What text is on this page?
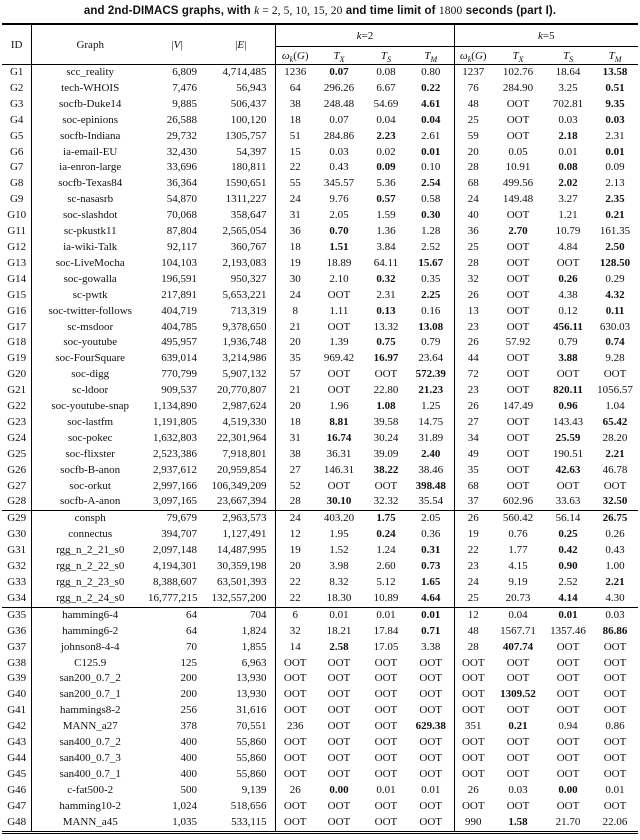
and 2nd-DIMACS graphs, with k = 2, 5, 10, 15, 20 and time limit of 1800 seconds (part I).
ID	Graph	|V|	|E|	k=2				k=5			
				$\omega_k(G)$	$T_X$	$T_S$	$T_M$	$\omega_k(G)$	$T_X$	$T_S$	$T_M$
G1	scc_reality	6,809	4,714,485	1236	0.07	0.08	0.80	1237	102.76	18.64	13.58
G2	tech-WHOIS	7,476	56,943	64	296.26	6.67	0.22	76	284.90	3.25	0.51
G3	socfb-Duke14	9,885	506,437	38	248.48	54.69	4.61	48	OOT	702.81	9.35
G4	soc-epinions	26,588	100,120	18	0.07	0.04	0.04	25	OOT	0.03	0.03
G5	socfb-Indiana	29,732	1305,757	51	284.86	2.23	2.61	59	OOT	2.18	2.31
G6	ia-email-EU	32,430	54,397	15	0.03	0.02	0.01	20	0.05	0.01	0.01
G7	ia-enron-large	33,696	180,811	22	0.43	0.09	0.10	28	10.91	0.08	0.09
G8	socfb-Texas84	36,364	1590,651	55	345.57	5.36	2.54	68	499.56	2.02	2.13
G9	sc-nasasrb	54,870	1311,227	24	9.76	0.57	0.58	24	149.48	3.27	2.35
G10	soc-slashdot	70,068	358,647	31	2.05	1.59	0.30	40	OOT	1.21	0.21
G11	sc-pkustk11	87,804	2,565,054	36	0.70	1.36	1.28	36	2.70	10.79	161.35
G12	ia-wiki-Talk	92,117	360,767	18	1.51	3.84	2.52	25	OOT	4.84	2.50
G13	soc-LiveMocha	104,103	2,193,083	19	18.89	64.11	15.67	28	OOT	OOT	128.50
G14	soc-gowalla	196,591	950,327	30	2.10	0.32	0.35	32	OOT	0.26	0.29
G15	sc-pwtk	217,891	5,653,221	24	OOT	2.31	2.25	26	OOT	4.38	4.32
G16	soc-twitter-follows	404,719	713,319	8	1.11	0.13	0.16	13	OOT	0.12	0.11
G17	sc-msdoor	404,785	9,378,650	21	OOT	13.32	13.08	23	OOT	456.11	630.03
G18	soc-youtube	495,957	1,936,748	20	1.39	0.75	0.79	26	57.92	0.79	0.74
G19	soc-FourSquare	639,014	3,214,986	35	969.42	16.97	23.64	44	OOT	3.88	9.28
G20	soc-digg	770,799	5,907,132	57	OOT	OOT	572.39	72	OOT	OOT	OOT
G21	sc-ldoor	909,537	20,770,807	21	OOT	22.80	21.23	23	OOT	820.11	1056.57
G22	soc-youtube-snap	1,134,890	2,987,624	20	1.96	1.08	1.25	26	147.49	0.96	1.04
G23	soc-lastfm	1,191,805	4,519,330	18	8.81	39.58	14.75	27	OOT	143.43	65.42
G24	soc-pokec	1,632,803	22,301,964	31	16.74	30.24	31.89	34	OOT	25.59	28.20
G25	soc-flixster	2,523,386	7,918,801	38	36.31	39.09	2.40	49	OOT	190.51	2.21
G26	socfb-B-anon	2,937,612	20,959,854	27	146.31	38.22	38.46	35	OOT	42.63	46.78
G27	soc-orkut	2,997,166	106,349,209	52	OOT	OOT	398.48	68	OOT	OOT	OOT
G28	socfb-A-anon	3,097,165	23,667,394	28	30.10	32.32	35.54	37	602.96	33.63	32.50
G29	consph	79,679	2,963,573	24	403.20	1.75	2.05	26	560.42	56.14	26.75
G30	connectus	394,707	1,127,491	12	1.95	0.24	0.36	19	0.76	0.25	0.26
G31	rgg_n_2_21_s0	2,097,148	14,487,995	19	1.52	1.24	0.31	22	1.77	0.42	0.43
G32	rgg_n_2_22_s0	4,194,301	30,359,198	20	3.98	2.60	0.73	23	4.15	0.90	1.00
G33	rgg_n_2_23_s0	8,388,607	63,501,393	22	8.32	5.12	1.65	24	9.19	2.52	2.21
G34	rgg_n_2_24_s0	16,777,215	132,557,200	22	18.30	10.89	4.64	25	20.73	4.14	4.30
G35	hamming6-4	64	704	6	0.01	0.01	0.01	12	0.04	0.01	0.03
G36	hamming6-2	64	1,824	32	18.21	17.84	0.71	48	1567.71	1357.46	86.86
G37	johnson8-4-4	70	1,855	14	2.58	17.05	3.38	28	407.74	OOT	OOT
G38	C125.9	125	6,963	OOT	OOT	OOT	OOT	OOT	OOT	OOT	OOT
G39	san200_0.7_2	200	13,930	OOT	OOT	OOT	OOT	OOT	OOT	OOT	OOT
G40	san200_0.7_1	200	13,930	OOT	OOT	OOT	OOT	OOT	1309.52	OOT	OOT
G41	hammings8-2	256	31,616	OOT	OOT	OOT	OOT	OOT	OOT	OOT	OOT
G42	MANN_a27	378	70,551	236	OOT	OOT	629.38	351	0.21	0.94	0.86
G43	san400_0.7_2	400	55,860	OOT	OOT	OOT	OOT	OOT	OOT	OOT	OOT
G44	san400_0.7_3	400	55,860	OOT	OOT	OOT	OOT	OOT	OOT	OOT	OOT
G45	san400_0.7_1	400	55,860	OOT	OOT	OOT	OOT	OOT	OOT	OOT	OOT
G46	c-fat500-2	500	9,139	26	0.00	0.01	0.01	26	0.03	0.00	0.01
G47	hamming10-2	1,024	518,656	OOT	OOT	OOT	OOT	OOT	OOT	OOT	OOT
G48	MANN_a45	1,035	533,115	OOT	OOT	OOT	OOT	990	1.58	21.70	22.06
